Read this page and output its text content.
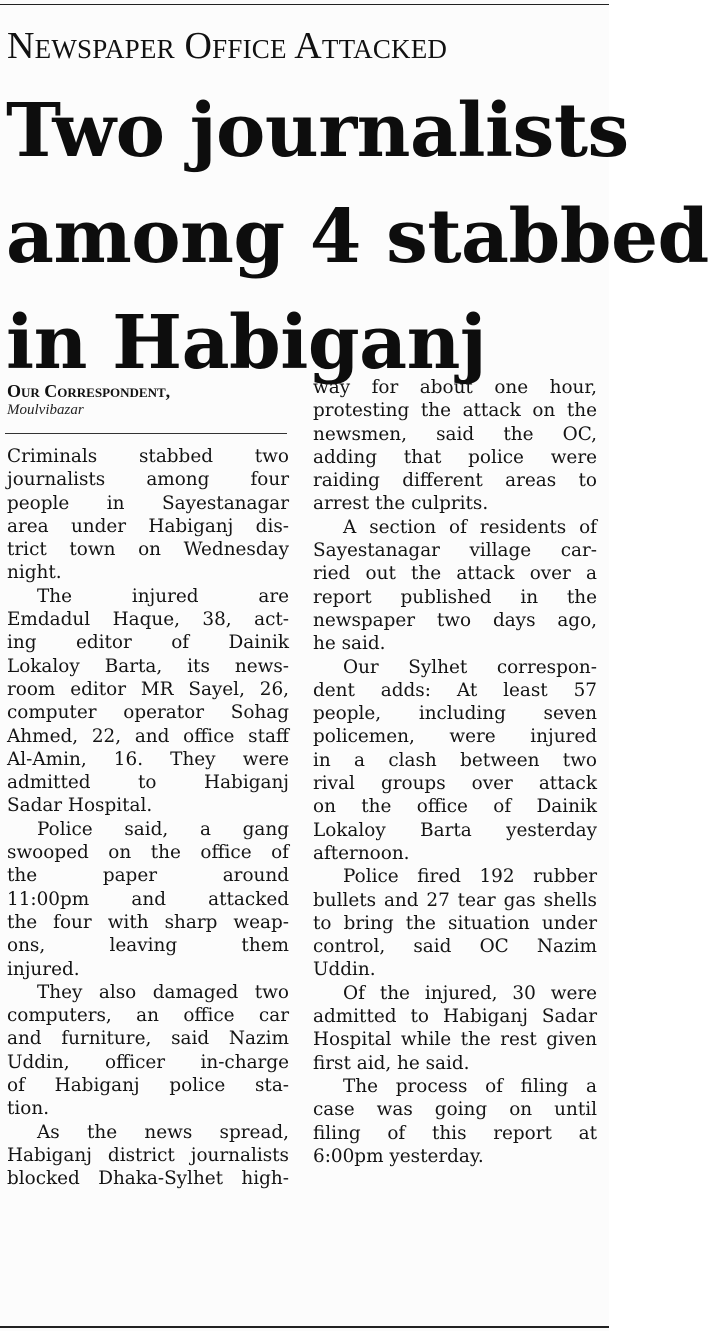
Newspaper Office Attacked
Two journalists
among 4 stabbed
in Habiganj
Our Correspondent,
Moulvibazar
Criminals stabbed two
journalists among four
people in Sayestanagar
area under Habiganj dis-
trict town on Wednesday
night.
The injured are
Emdadul Haque, 38, act-
ing editor of Dainik
Lokaloy Barta, its news-
room editor MR Sayel, 26,
computer operator Sohag
Ahmed, 22, and office staff
Al-Amin, 16. They were
admitted to Habiganj
Sadar Hospital.
Police said, a gang
swooped on the office of
the paper around
11:00pm and attacked
the four with sharp weap-
ons, leaving them
injured.
They also damaged two
computers, an office car
and furniture, said Nazim
Uddin, officer in-charge
of Habiganj police sta-
tion.
As the news spread,
Habiganj district journalists
blocked Dhaka-Sylhet high-
way for about one hour,
protesting the attack on the
newsmen, said the OC,
adding that police were
raiding different areas to
arrest the culprits.
A section of residents of
Sayestanagar village car-
ried out the attack over a
report published in the
newspaper two days ago,
he said.
Our Sylhet correspon-
dent adds: At least 57
people, including seven
policemen, were injured
in a clash between two
rival groups over attack
on the office of Dainik
Lokaloy Barta yesterday
afternoon.
Police fired 192 rubber
bullets and 27 tear gas shells
to bring the situation under
control, said OC Nazim
Uddin.
Of the injured, 30 were
admitted to Habiganj Sadar
Hospital while the rest given
first aid, he said.
The process of filing a
case was going on until
filing of this report at
6:00pm yesterday.
